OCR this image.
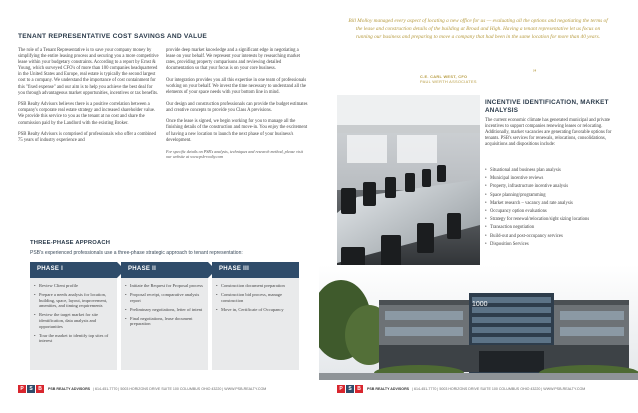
TENANT REPRESENTATIVE COST SAVINGS AND VALUE

The role of a Tenant Representative is to save your company money by simplifying the entire leasing process and securing you a more competitive lease within your budgetary constraints. According to a report by Ernst & Young, which surveyed CFO's of more than 100 companies headquartered in the United States and Europe, real estate is typically the second largest cost to a company. We understand the importance of cost containment for this "fixed expense" and our aim is to help you achieve the best deal for you through advantageous market opportunities, incentives or tax benefits.

PSB Realty Advisors believes there is a positive correlation between a company's corporate real estate strategy and increased shareholder value. We provide this service to you as the tenant at no cost and share the commission paid by the Landlord with the existing Broker.

PSB Realty Advisors is comprised of professionals who offer a combined 75 years of industry experience and

provide deep market knowledge and a significant edge in negotiating a lease on your behalf. We represent your interests by researching market rates, providing property comparisons and reviewing detailed documentation so that your focus is on your core business.

Our integration provides you all this expertise in one team of professionals working on your behalf. We invest the time necessary to understand all the elements of your space needs with your bottom line in mind.

Our design and construction professionals can provide the budget estimates and creative concepts to provide you Class A previsions.

Once the lease is signed, we begin working for you to manage all the finishing details of the construction and move-in. You enjoy the excitement of having a new location to launch the next phase of your business's development.

For specific details on PSB's analysis, techniques and research method, please visit our website at www.psb-realty.com

THREE-PHASE APPROACH
PSB's experienced professionals use a three-phase strategic approach to tenant representation:
PHASE I
• Review Client profile
• Prepare a needs analysis for location, building, space, layout, improvement, amenities, and timing requirements
• Review the target market for site identification, data analysis and opportunities
• Tour the market to identify top sites of interest
PHASE II
• Initiate the Request for Proposal process
• Proposal receipt, comparative analysis report
• Preliminary negotiations, letter of intent
• Final negotiations, lease document preparation
PHASE III
• Construction document preparation
• Construction bid process, manage construction
• Move in, Certificate of Occupancy
P	S	B	PSB REALTY ADVISORS | 614-451-7770 | 5003 HORIZONS DRIVE SUITE 100 COLUMBUS OHIO 43220 | WWW.PSB-REALTY.COM
Bill Molloy managed every aspect of locating a new office for us — evaluating all the options and negotiating the terms of the lease and construction details of the building at Broad and High. Having a tenant representative let us focus on running our business and preparing to move a company that had been in the same location for more than 40 years.
C.E. CARL WEST, CFO
PAUL WERTH ASSOCIATES
”
INCENTIVE IDENTIFICATION, MARKET ANALYSIS
The current economic climate has generated municipal and private incentives to support companies renewing leases or relocating. Additionally, market vacancies are generating favorable options for tenants. PSB's services for renewals, relocations, consolidations, acquisitions and dispositions include:
• Situational and business plan analysis
• Municipal incentive reviews
• Property, infrastructure incentive analysis
• Space planning/programming
• Market research – vacancy and rate analysis
• Occupancy option evaluations
• Strategy for renewal/relocation/sight sizing locations
• Transaction negotiation
• Build-out and post-occupancy services
• Disposition Services
1000
P	S	B	PSB REALTY ADVISORS | 614-451-7770 | 5003 HORIZONS DRIVE SUITE 100 COLUMBUS OHIO 43220 | WWW.PSB-REALTY.COM
